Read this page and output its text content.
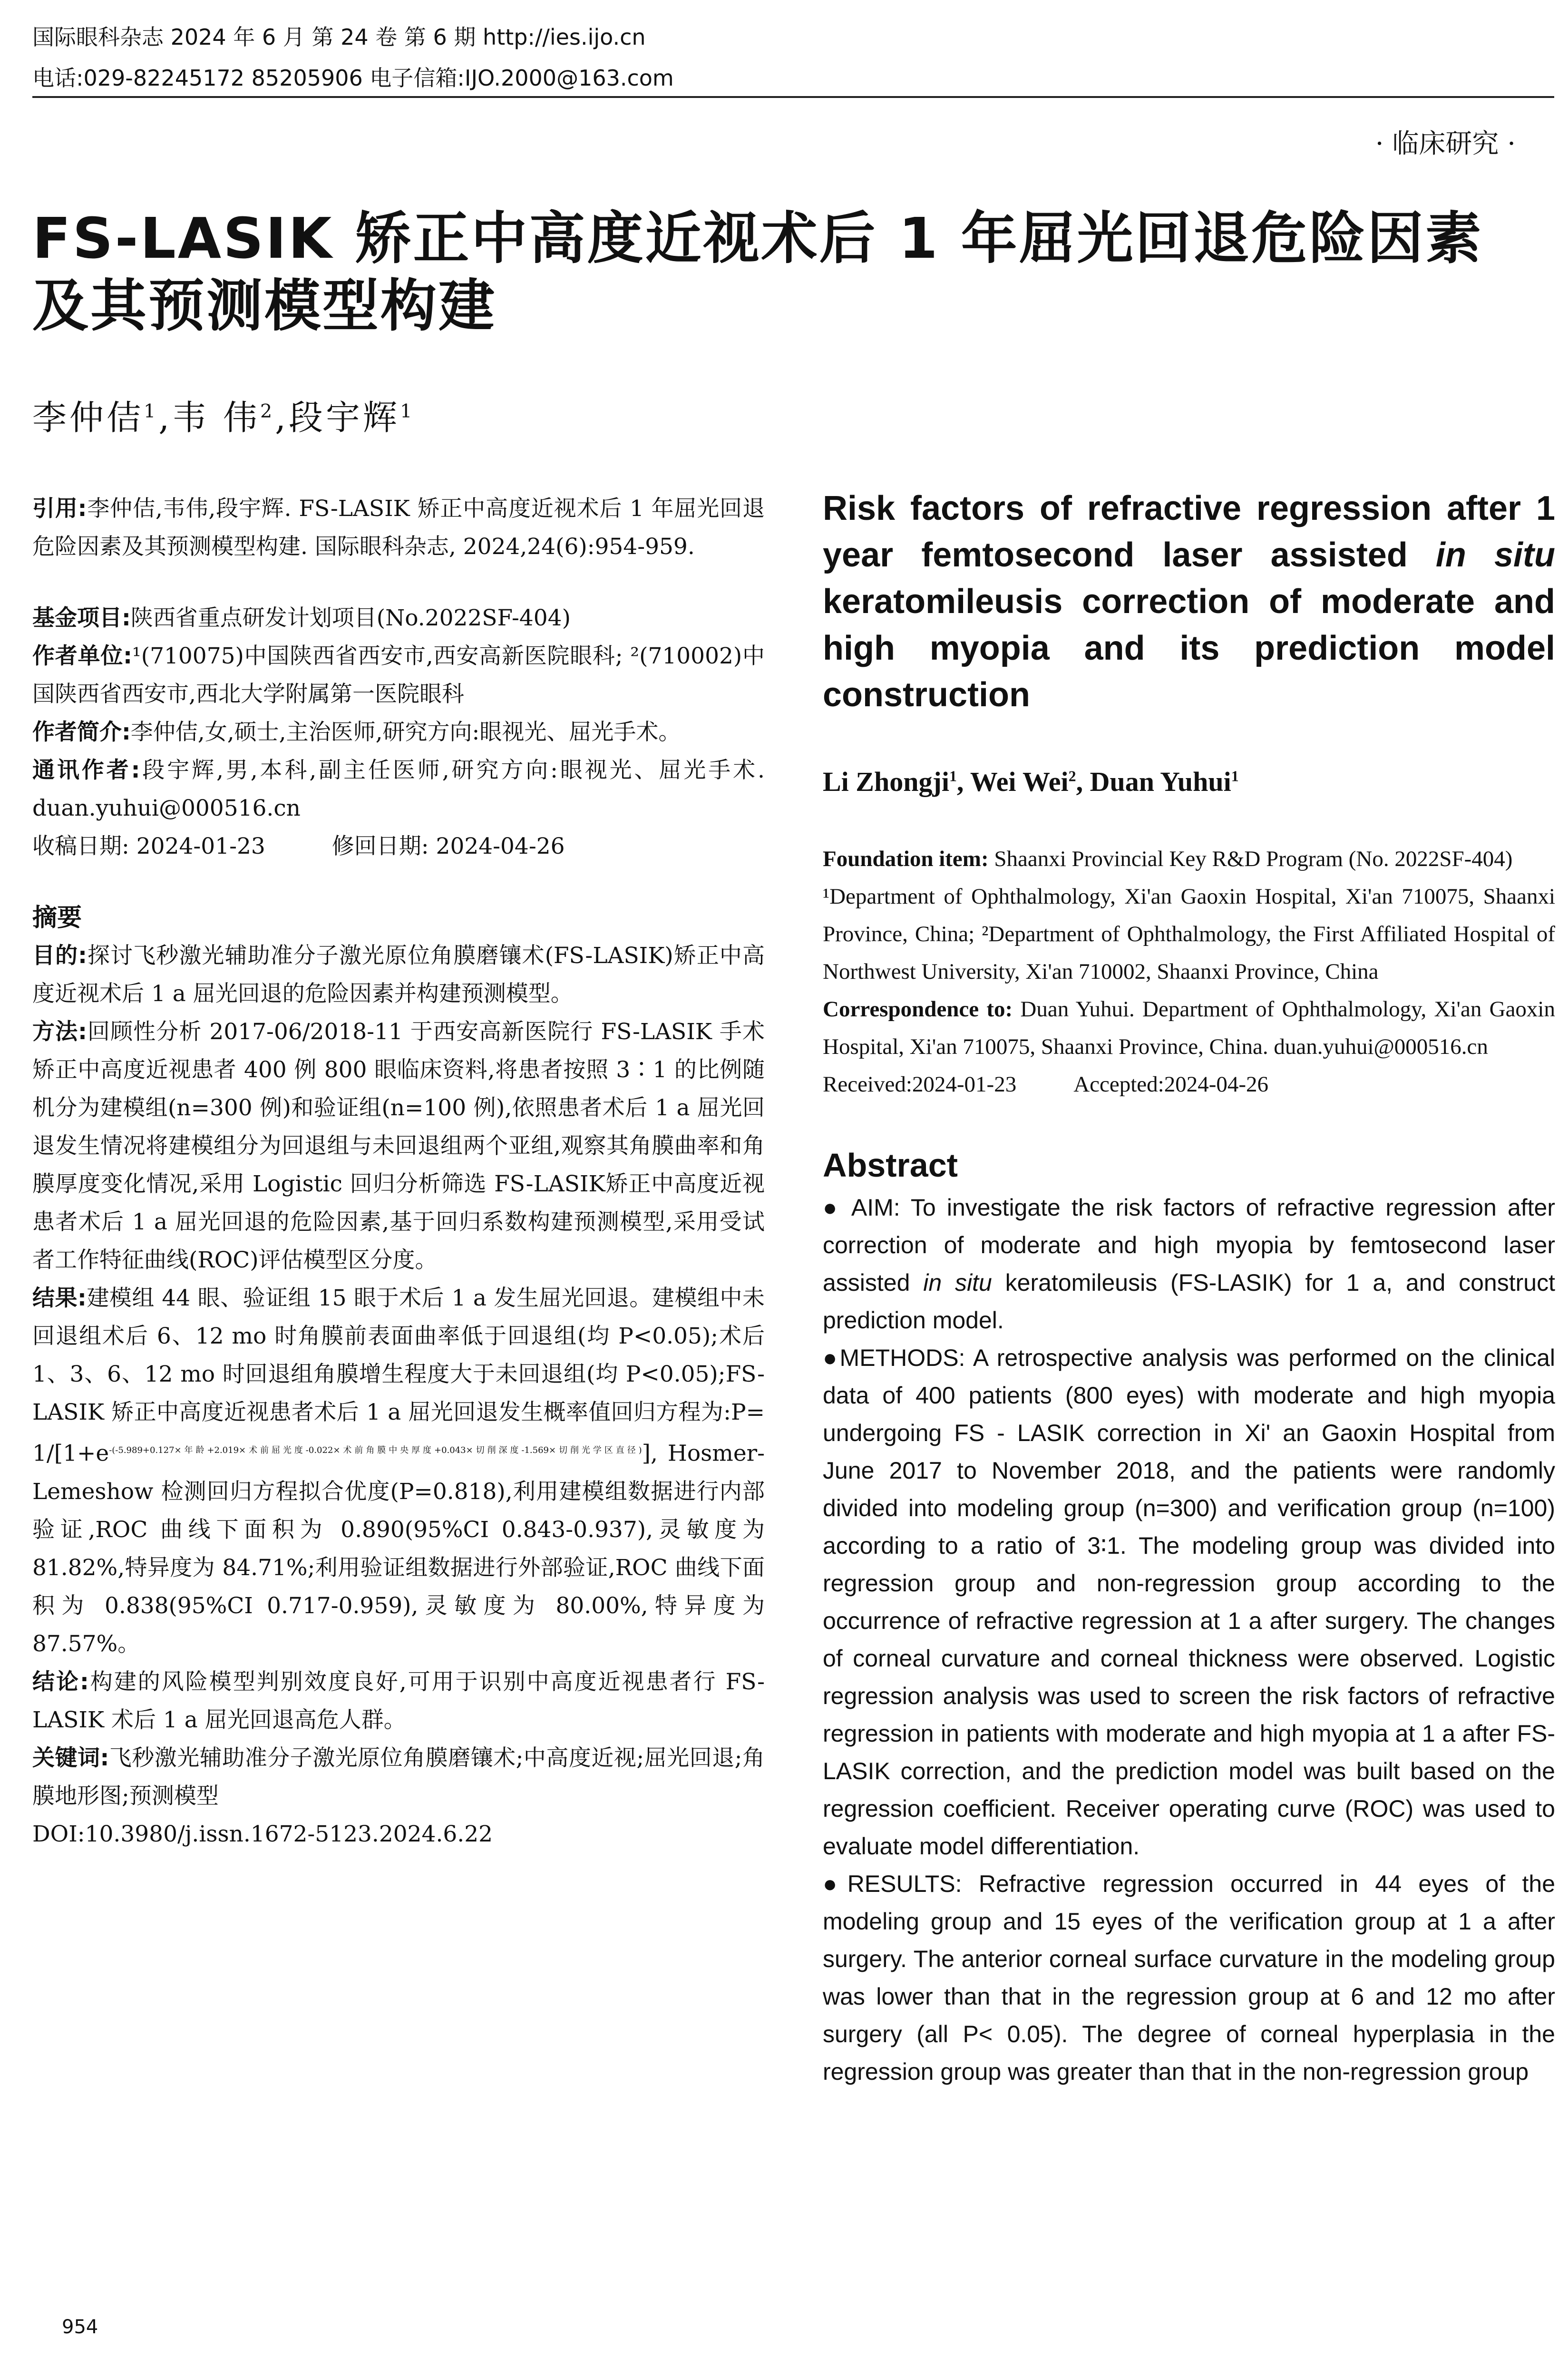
国际眼科杂志 2024 年 6 月 第 24 卷 第 6 期 http://ies.ijo.cn
电话:029-82245172 85205906 电子信箱:IJO.2000@163.com
· 临床研究 ·
FS-LASIK 矫正中高度近视术后 1 年屈光回退危险因素
及其预测模型构建
李仲佶$^1$,韦 伟$^2$,段宇辉$^1$

引用:李仲佶,韦伟,段宇辉. FS-LASIK 矫正中高度近视术后 1 年屈光回退危险因素及其预测模型构建. 国际眼科杂志, 2024,24(6):954-959.

基金项目:陕西省重点研发计划项目(No.2022SF-404)

作者单位:¹(710075)中国陕西省西安市,西安高新医院眼科; ²(710002)中国陕西省西安市,西北大学附属第一医院眼科

作者简介:李仲佶,女,硕士,主治医师,研究方向:眼视光、屈光手术。

通讯作者:段宇辉,男,本科,副主任医师,研究方向:眼视光、屈光手术. duan.yuhui@000516.cn

收稿日期: 2024-01-23	修回日期: 2024-04-26

摘要

目的:探讨飞秒激光辅助准分子激光原位角膜磨镶术(FS-LASIK)矫正中高度近视术后 1 a 屈光回退的危险因素并构建预测模型。

方法:回顾性分析 2017-06/2018-11 于西安高新医院行 FS-LASIK 手术矫正中高度近视患者 400 例 800 眼临床资料,将患者按照 3∶1 的比例随机分为建模组(n=300 例)和验证组(n=100 例),依照患者术后 1 a 屈光回退发生情况将建模组分为回退组与未回退组两个亚组,观察其角膜曲率和角膜厚度变化情况,采用 Logistic 回归分析筛选 FS-LASIK矫正中高度近视患者术后 1 a 屈光回退的危险因素,基于回归系数构建预测模型,采用受试者工作特征曲线(ROC)评估模型区分度。

结果:建模组 44 眼、验证组 15 眼于术后 1 a 发生屈光回退。建模组中未回退组术后 6、12 mo 时角膜前表面曲率低于回退组(均 P<0.05);术后 1、3、6、12 mo 时回退组角膜增生程度大于未回退组(均 P<0.05);FS-LASIK 矫正中高度近视患者术后 1 a 屈光回退发生概率值回归方程为:P= $1/[1+e^{-(-5.989+0.127\times 年龄+2.019\times 术前屈光度-0.022\times 术前角膜中央厚度+0.043\times 切削深度-1.569\times 切削光学区直径)}]$, Hosmer-Lemeshow 检测回归方程拟合优度(P=0.818),利用建模组数据进行内部验证,ROC 曲线下面积为 0.890(95%CI 0.843-0.937),灵敏度为 81.82%,特异度为 84.71%;利用验证组数据进行外部验证,ROC 曲线下面积为 0.838(95%CI 0.717-0.959),灵敏度为 80.00%,特异度为 87.57%。

结论:构建的风险模型判别效度良好,可用于识别中高度近视患者行 FS-LASIK 术后 1 a 屈光回退高危人群。

关键词:飞秒激光辅助准分子激光原位角膜磨镶术;中高度近视;屈光回退;角膜地形图;预测模型

DOI:10.3980/j.issn.1672-5123.2024.6.22

Risk factors of refractive regression after 1 year femtosecond laser assisted in situ keratomileusis correction of moderate and high myopia and its prediction model construction
Li Zhongji$^1$, Wei Wei$^2$, Duan Yuhui$^1$

Foundation item: Shaanxi Provincial Key R&D Program (No. 2022SF-404)

¹Department of Ophthalmology, Xi'an Gaoxin Hospital, Xi'an 710075, Shaanxi Province, China; ²Department of Ophthalmology, the First Affiliated Hospital of Northwest University, Xi'an 710002, Shaanxi Province, China

Correspondence to: Duan Yuhui. Department of Ophthalmology, Xi'an Gaoxin Hospital, Xi'an 710075, Shaanxi Province, China. duan.yuhui@000516.cn

Received:2024-01-23	Accepted:2024-04-26

Abstract

● AIM: To investigate the risk factors of refractive regression after correction of moderate and high myopia by femtosecond laser assisted in situ keratomileusis (FS-LASIK) for 1 a, and construct prediction model.

●METHODS: A retrospective analysis was performed on the clinical data of 400 patients (800 eyes) with moderate and high myopia undergoing FS - LASIK correction in Xi' an Gaoxin Hospital from June 2017 to November 2018, and the patients were randomly divided into modeling group (n=300) and verification group (n=100) according to a ratio of 3∶1. The modeling group was divided into regression group and non-regression group according to the occurrence of refractive regression at 1 a after surgery. The changes of corneal curvature and corneal thickness were observed. Logistic regression analysis was used to screen the risk factors of refractive regression in patients with moderate and high myopia at 1 a after FS-LASIK correction, and the prediction model was built based on the regression coefficient. Receiver operating curve (ROC) was used to evaluate model differentiation.

●RESULTS: Refractive regression occurred in 44 eyes of the modeling group and 15 eyes of the verification group at 1 a after surgery. The anterior corneal surface curvature in the modeling group was lower than that in the regression group at 6 and 12 mo after surgery (all P< 0.05). The degree of corneal hyperplasia in the regression group was greater than that in the non-regression group

954
